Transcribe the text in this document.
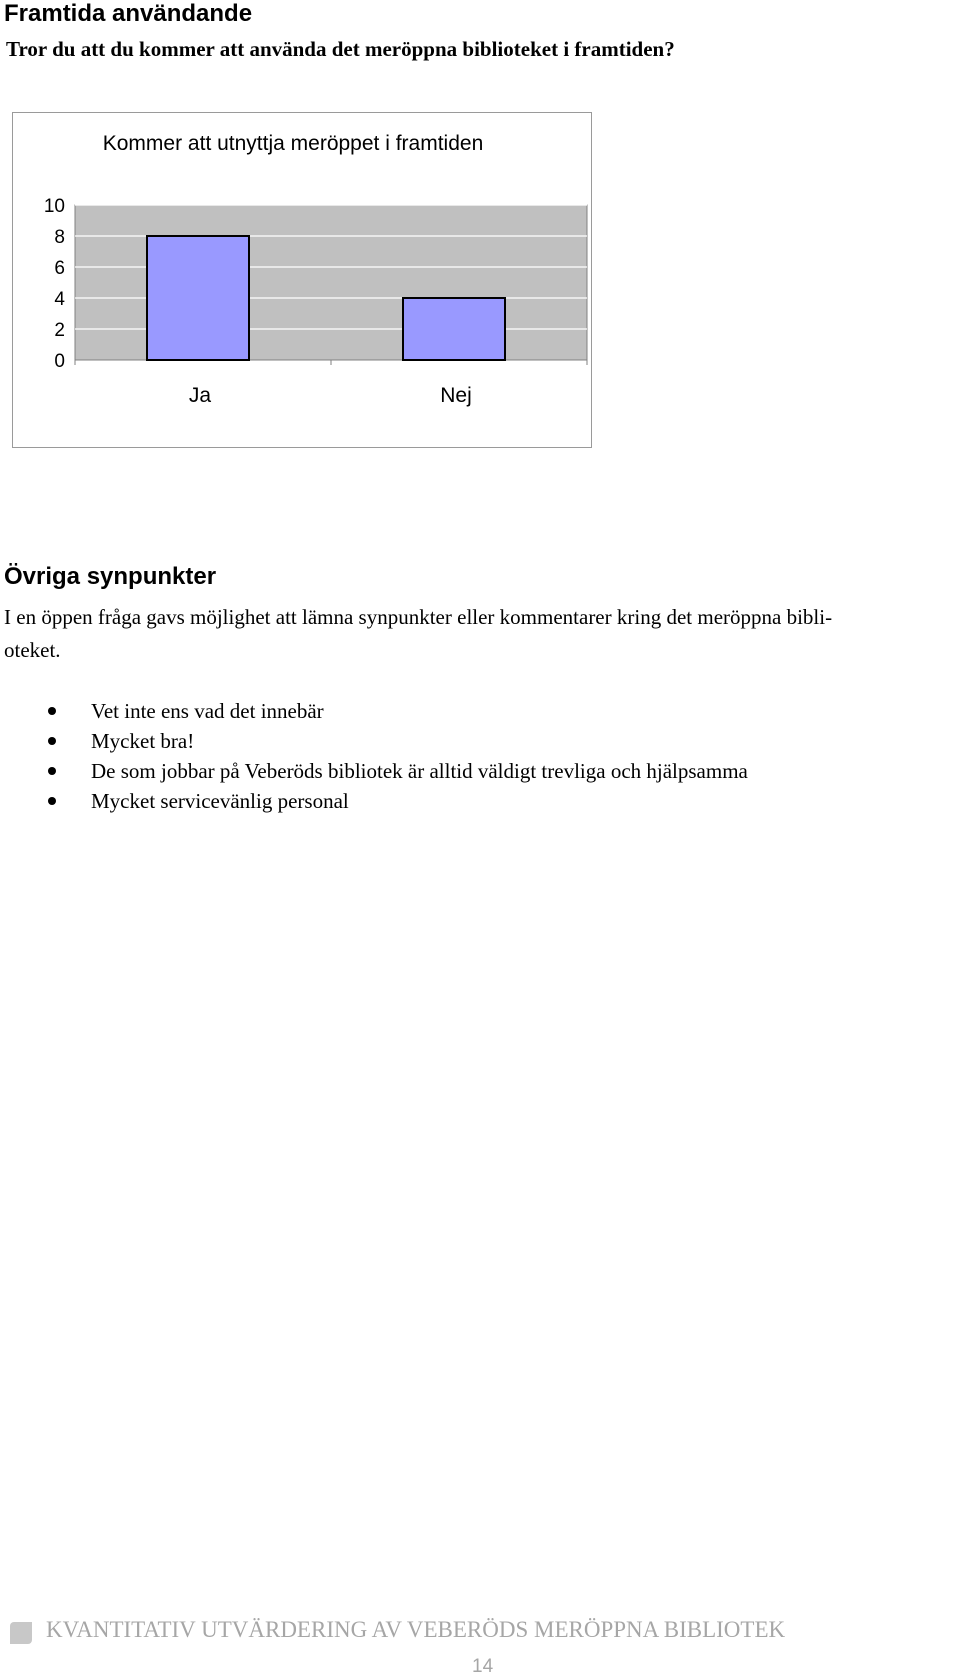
Framtida användande

Tror du att du kommer att använda det meröppna biblioteket i framtiden?

Kommer att utnyttja meröppet i framtiden
0
2
4
6
8
10
Ja	Nej
Övriga synpunkter

I en öppen fråga gavs möjlighet att lämna synpunkter eller kommentarer kring det meröppna bibli-
oteket.

Vet inte ens vad det innebär
Mycket bra!
De som jobbar på Veberöds bibliotek är alltid väldigt trevliga och hjälpsamma
Mycket servicevänlig personal

KVANTITATIV UTVÄRDERING AV VEBERÖDS MERÖPPNA BIBLIOTEK

14
